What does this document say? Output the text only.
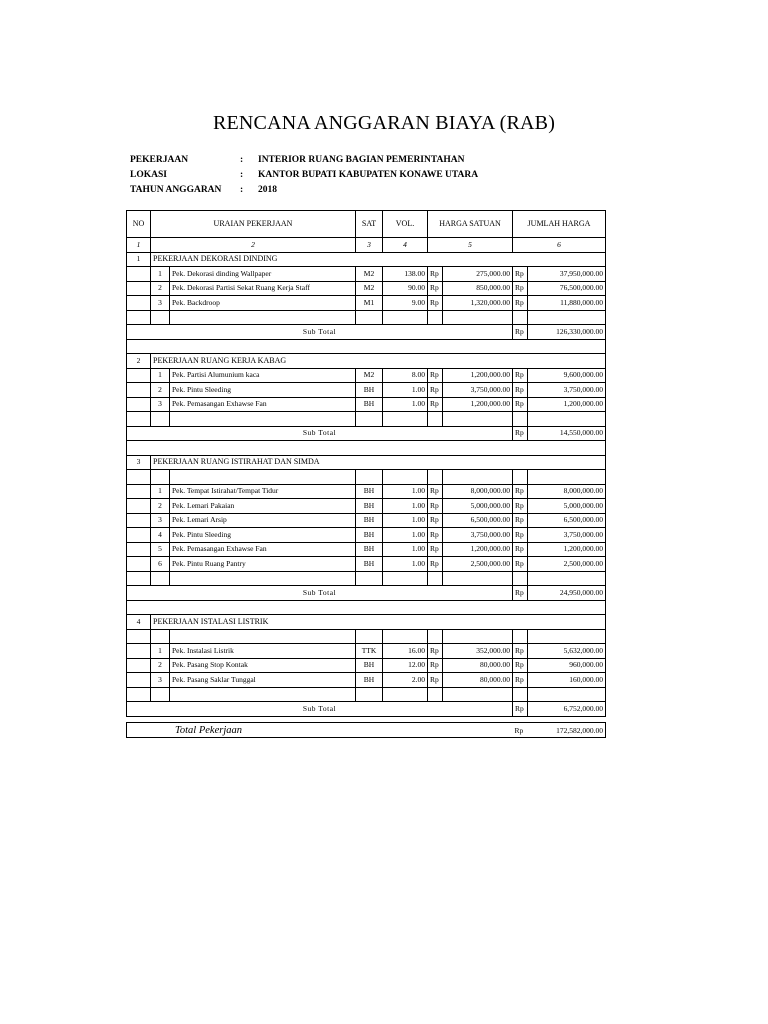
RENCANA ANGGARAN BIAYA (RAB)
PEKERJAAN	: INTERIOR RUANG BAGIAN PEMERINTAHAN
LOKASI	: KANTOR BUPATI KABUPATEN KONAWE UTARA
TAHUN ANGGARAN	: 2018
NO	URAIAN PEKERJAAN		SAT	VOL.	HARGA SATUAN		JUMLAH HARGA	
1	2		3	4	5		6	
1	PEKERJAAN DEKORASI DINDING							
	1	Pek. Dekorasi dinding Wallpaper	M2	138.00	Rp	275,000.00	Rp	37,950,000.00
	2	Pek. Dekorasi Partisi Sekat Ruang Kerja Staff	M2	90.00	Rp	850,000.00	Rp	76,500,000.00
	3	Pek. Backdroop	M1	9.00	Rp	1,320,000.00	Rp	11,880,000.00

Sub Total							Rp	126,330,000.00

2	PEKERJAAN RUANG KERJA KABAG							
	1	Pek. Partisi Alumunium kaca	M2	8.00	Rp	1,200,000.00	Rp	9,600,000.00
	2	Pek. Pintu Sleeding	BH	1.00	Rp	3,750,000.00	Rp	3,750,000.00
	3	Pek. Pemasangan Exhawse Fan	BH	1.00	Rp	1,200,000.00	Rp	1,200,000.00

Sub Total							Rp	14,550,000.00

3	PEKERJAAN RUANG ISTIRAHAT DAN SIMDA							

	1	Pek. Tempat Istirahat/Tempat Tidur	BH	1.00	Rp	8,000,000.00	Rp	8,000,000.00
	2	Pek. Lemari Pakaian	BH	1.00	Rp	5,000,000.00	Rp	5,000,000.00
	3	Pek. Lemari Arsip	BH	1.00	Rp	6,500,000.00	Rp	6,500,000.00
	4	Pek. Pintu Sleeding	BH	1.00	Rp	3,750,000.00	Rp	3,750,000.00
	5	Pek. Pemasangan Exhawse Fan	BH	1.00	Rp	1,200,000.00	Rp	1,200,000.00
	6	Pek. Pintu Ruang Pantry	BH	1.00	Rp	2,500,000.00	Rp	2,500,000.00

Sub Total							Rp	24,950,000.00

4	PEKERJAAN ISTALASI LISTRIK							

	1	Pek. Instalasi Listrik	TTK	16.00	Rp	352,000.00	Rp	5,632,000.00
	2	Pek. Pasang Stop Kontak	BH	12.00	Rp	80,000.00	Rp	960,000.00
	3	Pek. Pasang Saklar Tunggal	BH	2.00	Rp	80,000.00	Rp	160,000.00

Sub Total							Rp	6,752,000.00
Total Pekerjaan	Rp	172,582,000.00
